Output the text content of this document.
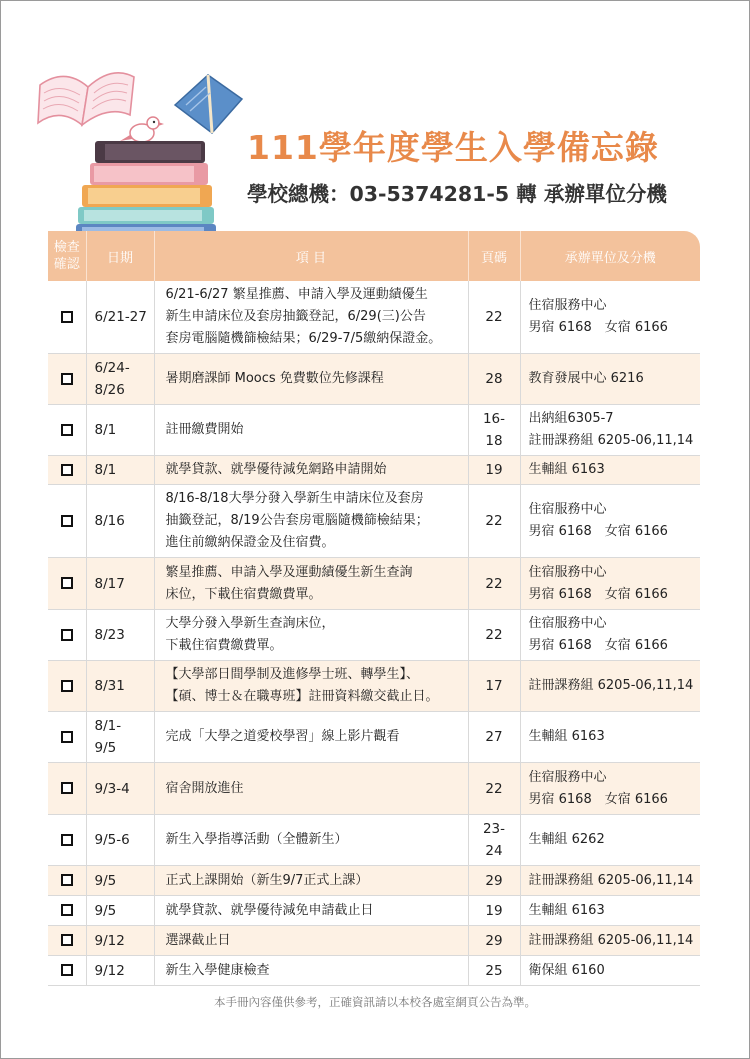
111學年度學生入學備忘錄
學校總機：03-5374281-5 轉 承辦單位分機
檢查
確認	日期	項 目	頁碼	承辦單位及分機

	6/21-27	6/21-6/27 繁星推薦、申請入學及運動績優生
新生申請床位及套房抽籤登記，6/29(三)公告
套房電腦隨機篩檢結果；6/29-7/5繳納保證金。	22	住宿服務中心
男宿 6168　女宿 6166

	6/24-
8/26	暑期磨課師 Moocs 免費數位先修課程	28	教育發展中心 6216

	8/1	註冊繳費開始	16-18	出納組6305-7
註冊課務組 6205-06,11,14

	8/1	就學貸款、就學優待減免網路申請開始	19	生輔組 6163

	8/16	8/16-8/18大學分發入學新生申請床位及套房
抽籤登記，8/19公告套房電腦隨機篩檢結果；
進住前繳納保證金及住宿費。	22	住宿服務中心
男宿 6168　女宿 6166

	8/17	繁星推薦、申請入學及運動績優生新生查詢
床位，下載住宿費繳費單。	22	住宿服務中心
男宿 6168　女宿 6166

	8/23	大學分發入學新生查詢床位，
下載住宿費繳費單。	22	住宿服務中心
男宿 6168　女宿 6166

	8/31	【大學部日間學制及進修學士班、轉學生】、
【碩、博士＆在職專班】註冊資料繳交截止日。	17	註冊課務組 6205-06,11,14

	8/1-
9/5	完成「大學之道愛校學習」線上影片觀看	27	生輔組 6163

	9/3-4	宿舍開放進住	22	住宿服務中心
男宿 6168　女宿 6166

	9/5-6	新生入學指導活動（全體新生）	23-24	生輔組 6262

	9/5	正式上課開始（新生9/7正式上課）	29	註冊課務組 6205-06,11,14

	9/5	就學貸款、就學優待減免申請截止日	19	生輔組 6163

	9/12	選課截止日	29	註冊課務組 6205-06,11,14

	9/12	新生入學健康檢查	25	衛保組 6160
本手冊內容僅供參考，正確資訊請以本校各處室網頁公告為準。
